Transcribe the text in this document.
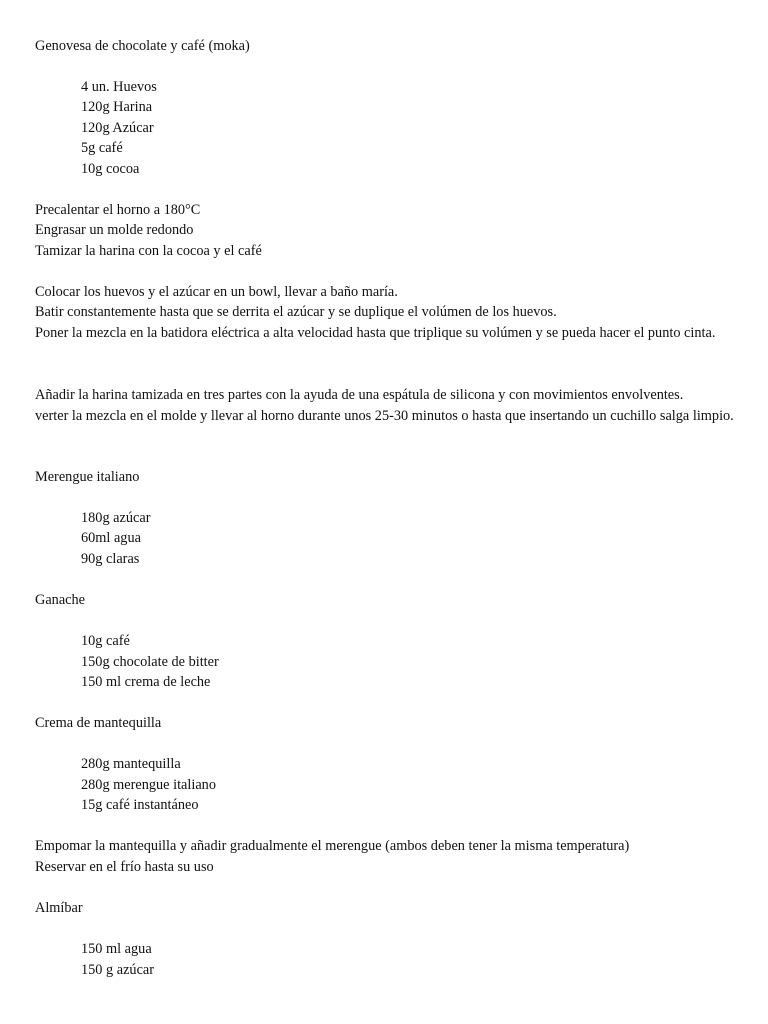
Genovesa de chocolate y café (moka)
4 un. Huevos
120g Harina
120g Azúcar
5g café
10g cocoa
Precalentar el horno a 180°C
Engrasar un molde redondo
Tamizar la harina con la cocoa y el café
Colocar los huevos y el azúcar en un bowl, llevar a baño maría.
Batir constantemente hasta que se derrita el azúcar y se duplique el volúmen de los huevos.
Poner la mezcla en la batidora eléctrica a alta velocidad hasta que triplique su volúmen y se pueda hacer el punto cinta.
Añadir la harina tamizada en tres partes con la ayuda de una espátula de silicona y con movimientos envolventes.
verter la mezcla en el molde y llevar al horno durante unos 25-30 minutos o hasta que insertando un cuchillo salga limpio.
Merengue italiano
180g azúcar
60ml agua
90g claras
Ganache
10g café
150g chocolate de bitter
150 ml crema de leche
Crema de mantequilla
280g mantequilla
280g merengue italiano
15g café instantáneo
Empomar la mantequilla y añadir gradualmente el merengue (ambos deben tener la misma temperatura)
Reservar en el frío hasta su uso
Almíbar
150 ml agua
150 g azúcar
